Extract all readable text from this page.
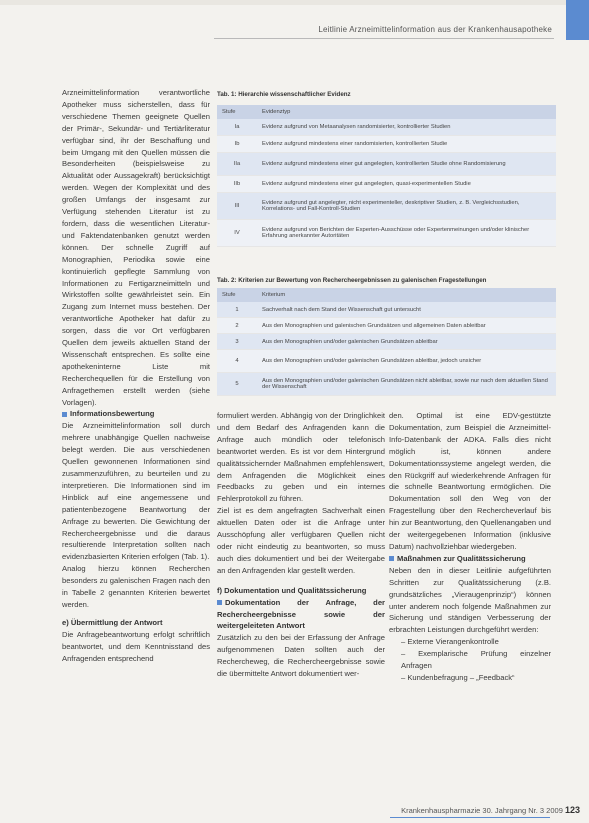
Leitlinie Arzneimittelinformation aus der Krankenhausapotheke

Arzneimittelinformation verantwortliche Apotheker muss sicherstellen, dass für verschiedene Themen geeignete Quellen der Primär-, Sekundär- und Tertiärliteratur verfügbar sind, ihr der Beschaffung und beim Umgang mit den Quellen müssen die Besonderheiten (beispielsweise zu Aktualität oder Aussagekraft) berücksichtigt werden. Wegen der Komplexität und des großen Umfangs der insgesamt zur Verfügung stehenden Literatur ist zu fordern, dass die wesentlichen Literatur- und Faktendatenbanken genutzt werden können. Der schnelle Zugriff auf Monographien, Periodika sowie eine kontinuierlich gepflegte Sammlung von Informationen zu Fertigarzneimitteln und Wirkstoffen sollte gewährleistet sein. Ein Zugang zum Internet muss bestehen. Der verantwortliche Apotheker hat dafür zu sorgen, dass die vor Ort verfügbaren Quellen dem jeweils aktuellen Stand der Wissenschaft entsprechen. Es sollte eine apothekeninterne Liste mit Recherchequellen für die Erstellung von Anfragethemen erstellt werden (siehe Vorlagen).

Informationsbewertung

Die Arzneimittelinformation soll durch mehrere unabhängige Quellen nachweise belegt werden. Die aus verschiedenen Quellen gewonnenen Informationen sind zusammenzuführen, zu beurteilen und zu interpretieren. Die Informationen sind im Hinblick auf eine angemessene und patientenbezogene Beantwortung der Anfrage zu bewerten. Die Gewichtung der Rechercheergebnisse und die daraus resultierende Interpretation sollten nach evidenzbasierten Kriterien erfolgen (Tab. 1).

Analog hierzu können Recherchen besonders zu galenischen Fragen nach den in Tabelle 2 genannten Kriterien bewertet werden.

e) Übermittlung der Antwort

Die Anfragebeantwortung erfolgt schriftlich beantwortet, und dem Kenntnisstand des Anfragenden entsprechend

Tab. 1: Hierarchie wissenschaftlicher Evidenz
Stufe	Evidenztyp
Ia	Evidenz aufgrund von Metaanalysen randomisierter, kontrollierter Studien
Ib	Evidenz aufgrund mindestens einer randomisierten, kontrollierten Studie
IIa	Evidenz aufgrund mindestens einer gut angelegten, kontrollierten Studie ohne Randomisierung
IIb	Evidenz aufgrund mindestens einer gut angelegten, quasi-experimentellen Studie
III	Evidenz aufgrund gut angelegter, nicht experimenteller, deskriptiver Studien, z. B. Vergleichsstudien, Korrelations- und Fall-Kontroll-Studien
IV	Evidenz aufgrund von Berichten der Experten-Ausschüsse oder Expertenmeinungen und/oder klinischer Erfahrung anerkannter Autoritäten
Tab. 2: Kriterien zur Bewertung von Rechercheergebnissen zu galenischen Fragestellungen
Stufe	Kriterium
1	Sachverhalt nach dem Stand der Wissenschaft gut untersucht
2	Aus den Monographien und galenischen Grundsätzen und allgemeinen Daten ableitbar
3	Aus den Monographien und/oder galenischen Grundsätzen ableitbar
4	Aus den Monographien und/oder galenischen Grundsätzen ableitbar, jedoch unsicher
5	Aus den Monographien und/oder galenischen Grundsätzen nicht ableitbar, sowie nur nach dem aktuellen Stand der Wissenschaft

formuliert werden. Abhängig von der Dringlichkeit und dem Bedarf des Anfragenden kann die Anfrage auch mündlich oder telefonisch beantwortet werden. Es ist vor dem Hintergrund qualitätssichernder Maßnahmen empfehlenswert, dem Anfragenden die Möglichkeit eines Feedbacks zu geben und ein internes Fehlerprotokoll zu führen.

Ziel ist es dem angefragten Sachverhalt einen aktuellen Daten oder ist die Anfrage unter Ausschöpfung aller verfügbaren Quellen nicht oder nicht eindeutig zu beantworten, so muss auch dies dokumentiert und bei der Weitergabe an den Anfragenden klar gestellt werden.

f) Dokumentation und Qualitätssicherung

Dokumentation der Anfrage, der Rechercheergebnisse sowie der weitergeleiteten Antwort

Zusätzlich zu den bei der Erfassung der Anfrage aufgenommenen Daten sollten auch der Rechercheweg, die Rechercheergebnisse sowie die übermittelte Antwort dokumentiert wer-

den. Optimal ist eine EDV-gestützte Dokumentation, zum Beispiel die Arzneimittel-Info-Datenbank der ADKA. Falls dies nicht möglich ist, können andere Dokumentationssysteme angelegt werden, die den Rückgriff auf wiederkehrende Anfragen für die schnelle Beantwortung ermöglichen. Die Dokumentation soll den Weg von der Fragestellung über den Rechercheverlauf bis hin zur Beantwortung, den Quellenangaben und der weitergegebenen Information (inklusive Datum) nachvollziehbar wiedergeben.

Maßnahmen zur Qualitätssicherung

Neben den in dieser Leitlinie aufgeführten Schritten zur Qualitätssicherung (z.B. grundsätzliches „Vieraugenprinzip“) können unter anderem noch folgende Maßnahmen zur Sicherung und ständigen Verbesserung der erbrachten Leistungen durchgeführt werden:

– Externe Vierangenkontrolle

– Exemplarische Prüfung einzelner Anfragen

– Kundenbefragung – „Feedback“

Krankenhauspharmazie 30. Jahrgang Nr. 3 2009 123
